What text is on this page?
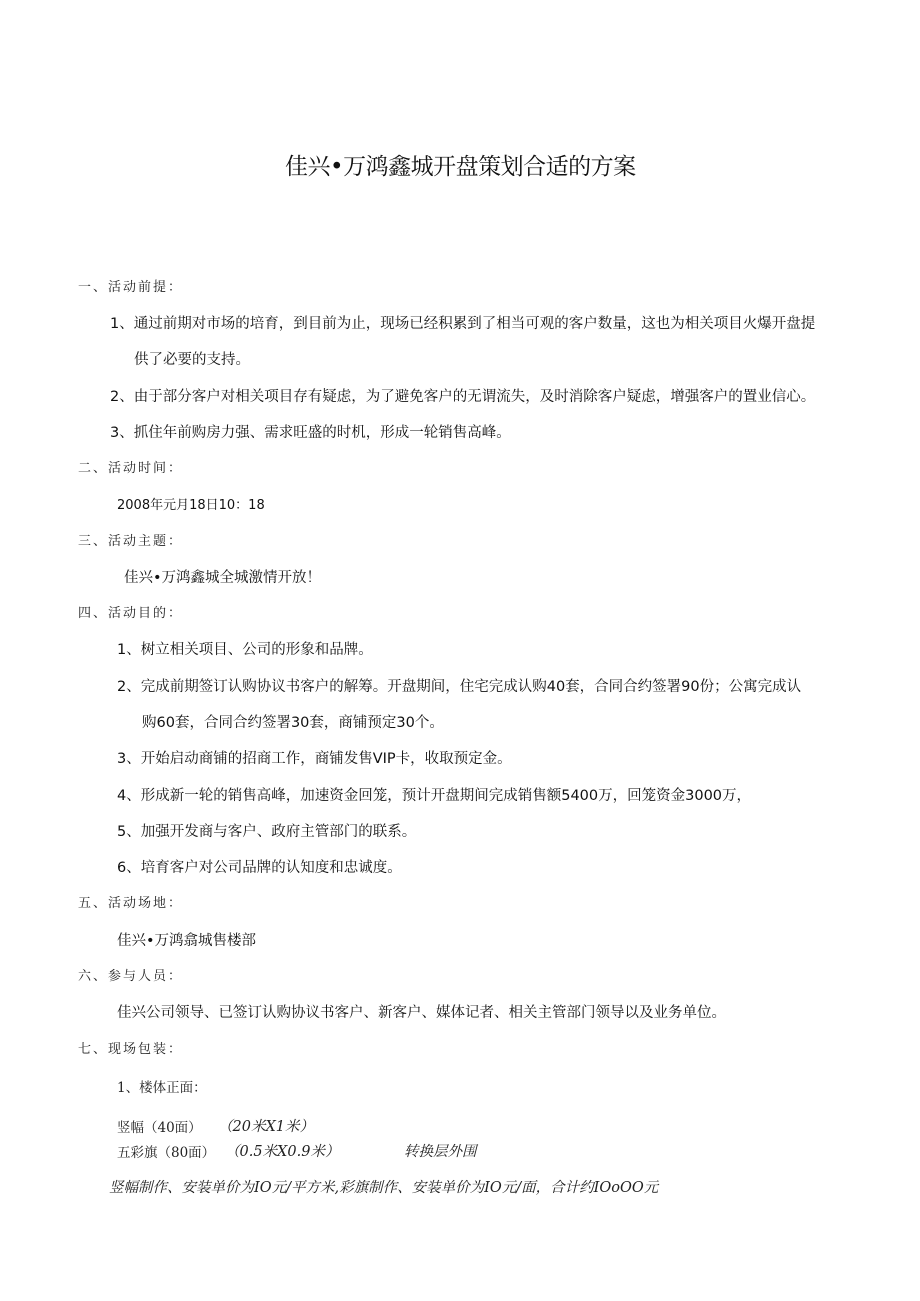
佳兴•万鸿鑫城开盘策划合适的方案
一、活动前提：
1、通过前期对市场的培育，到目前为止，现场已经积累到了相当可观的客户数量，这也为相关项目火爆开盘提
供了必要的支持。
2、由于部分客户对相关项目存有疑虑，为了避免客户的无谓流失，及时消除客户疑虑，增强客户的置业信心。
3、抓住年前购房力强、需求旺盛的时机，形成一轮销售高峰。
二、活动时间：
2008年元月18日10：18
三、活动主题：
佳兴•万鸿鑫城全城激情开放！
四、活动目的：
1、树立相关项目、公司的形象和品牌。
2、完成前期签订认购协议书客户的解筹。开盘期间，住宅完成认购40套，合同合约签署90份；公寓完成认
购60套，合同合约签署30套，商铺预定30个。
3、开始启动商铺的招商工作，商铺发售VIP卡，收取预定金。
4、形成新一轮的销售高峰，加速资金回笼，预计开盘期间完成销售额5400万，回笼资金3000万，
5、加强开发商与客户、政府主管部门的联系。
6、培育客户对公司品牌的认知度和忠诚度。
五、活动场地：
佳兴•万鸿翕城售楼部
六、参与人员：
佳兴公司领导、已签订认购协议书客户、新客户、媒体记者、相关主管部门领导以及业务单位。
七、现场包装：
1、楼体正面：
竖幅（40面） （20米X1米）
五彩旗（80面） （0.5米X0.9米）	转换层外围
竖幅制作、安装单价为IO元/平方米,彩旗制作、安装单价为IO元/面，合计约IOoOO元
